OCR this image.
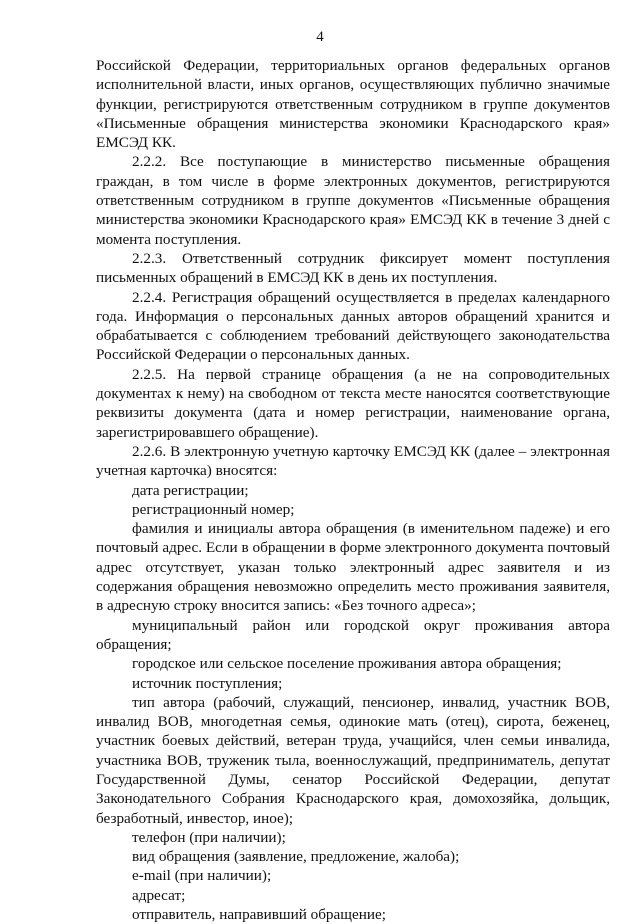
4

Российской Федерации, территориальных органов федеральных органов исполнительной власти, иных органов, осуществляющих публично значимые функции, регистрируются ответственным сотрудником в группе документов «Письменные обращения министерства экономики Краснодарского края» ЕМСЭД КК.

2.2.2. Все поступающие в министерство письменные обращения граждан, в том числе в форме электронных документов, регистрируются ответственным сотрудником в группе документов «Письменные обращения министерства экономики Краснодарского края» ЕМСЭД КК в течение 3 дней с момента поступления.

2.2.3. Ответственный сотрудник фиксирует момент поступления письменных обращений в ЕМСЭД КК в день их поступления.

2.2.4. Регистрация обращений осуществляется в пределах календарного года. Информация о персональных данных авторов обращений хранится и обрабатывается с соблюдением требований действующего законодательства Российской Федерации о персональных данных.

2.2.5. На первой странице обращения (а не на сопроводительных документах к нему) на свободном от текста месте наносятся соответствующие реквизиты документа (дата и номер регистрации, наименование органа, зарегистрировавшего обращение).

2.2.6. В электронную учетную карточку ЕМСЭД КК (далее – электронная учетная карточка) вносятся:

дата регистрации;

регистрационный номер;

фамилия и инициалы автора обращения (в именительном падеже) и его почтовый адрес. Если в обращении в форме электронного документа почтовый адрес отсутствует, указан только электронный адрес заявителя и из содержания обращения невозможно определить место проживания заявителя, в адресную строку вносится запись: «Без точного адреса»;

муниципальный район или городской округ проживания автора обращения;

городское или сельское поселение проживания автора обращения;

источник поступления;

тип автора (рабочий, служащий, пенсионер, инвалид, участник ВОВ, инвалид ВОВ, многодетная семья, одинокие мать (отец), сирота, беженец, участник боевых действий, ветеран труда, учащийся, член семьи инвалида, участника ВОВ, труженик тыла, военнослужащий, предприниматель, депутат Государственной Думы, сенатор Российской Федерации, депутат Законодательного Собрания Краснодарского края, домохозяйка, дольщик, безработный, инвестор, иное);

телефон (при наличии);

вид обращения (заявление, предложение, жалоба);

e-mail (при наличии);

адресат;

отправитель, направивший обращение;
